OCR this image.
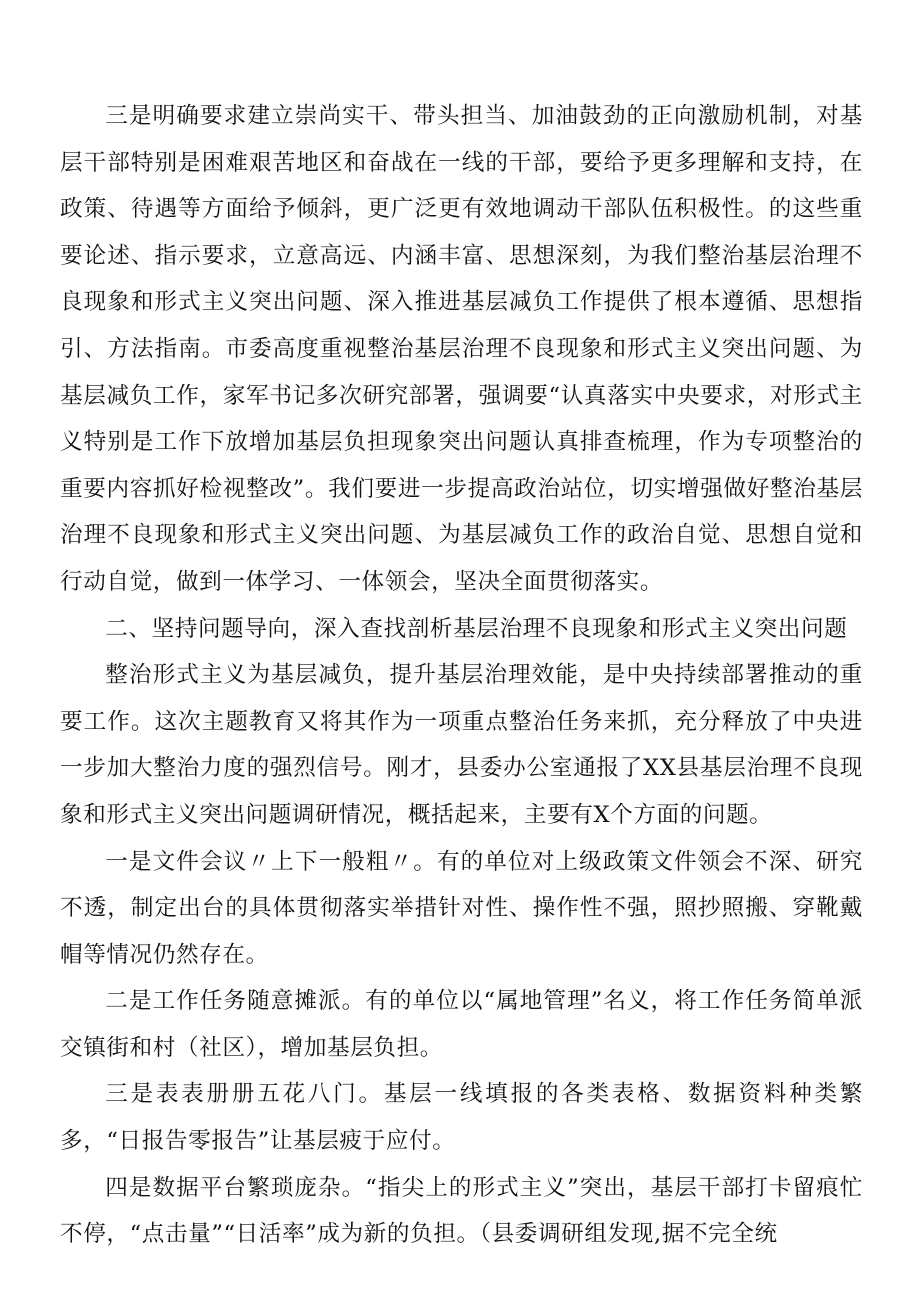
三是明确要求建立崇尚实干、带头担当、加油鼓劲的正向激励机制，对基层干部特别是困难艰苦地区和奋战在一线的干部，要给予更多理解和支持，在政策、待遇等方面给予倾斜，更广泛更有效地调动干部队伍积极性。的这些重要论述、指示要求，立意高远、内涵丰富、思想深刻，为我们整治基层治理不良现象和形式主义突出问题、深入推进基层减负工作提供了根本遵循、思想指引、方法指南。市委高度重视整治基层治理不良现象和形式主义突出问题、为基层减负工作，家军书记多次研究部署，强调要“认真落实中央要求，对形式主义特别是工作下放增加基层负担现象突出问题认真排查梳理，作为专项整治的重要内容抓好检视整改”。我们要进一步提高政治站位，切实增强做好整治基层治理不良现象和形式主义突出问题、为基层减负工作的政治自觉、思想自觉和行动自觉，做到一体学习、一体领会，坚决全面贯彻落实。

二、坚持问题导向，深入查找剖析基层治理不良现象和形式主义突出问题

整治形式主义为基层减负，提升基层治理效能，是中央持续部署推动的重要工作。这次主题教育又将其作为一项重点整治任务来抓，充分释放了中央进一步加大整治力度的强烈信号。刚才，县委办公室通报了XX县基层治理不良现象和形式主义突出问题调研情况，概括起来，主要有X个方面的问题。

一是文件会议〃上下一般粗〃。有的单位对上级政策文件领会不深、研究不透，制定出台的具体贯彻落实举措针对性、操作性不强，照抄照搬、穿靴戴帽等情况仍然存在。

二是工作任务随意摊派。有的单位以“属地管理”名义，将工作任务简单派交镇街和村（社区），增加基层负担。

三是表表册册五花八门。基层一线填报的各类表格、数据资料种类繁多，“日报告零报告”让基层疲于应付。

四是数据平台繁琐庞杂。“指尖上的形式主义”突出，基层干部打卡留痕忙不停，“点击量”“日活率”成为新的负担。（县委调研组发现,据不完全统
